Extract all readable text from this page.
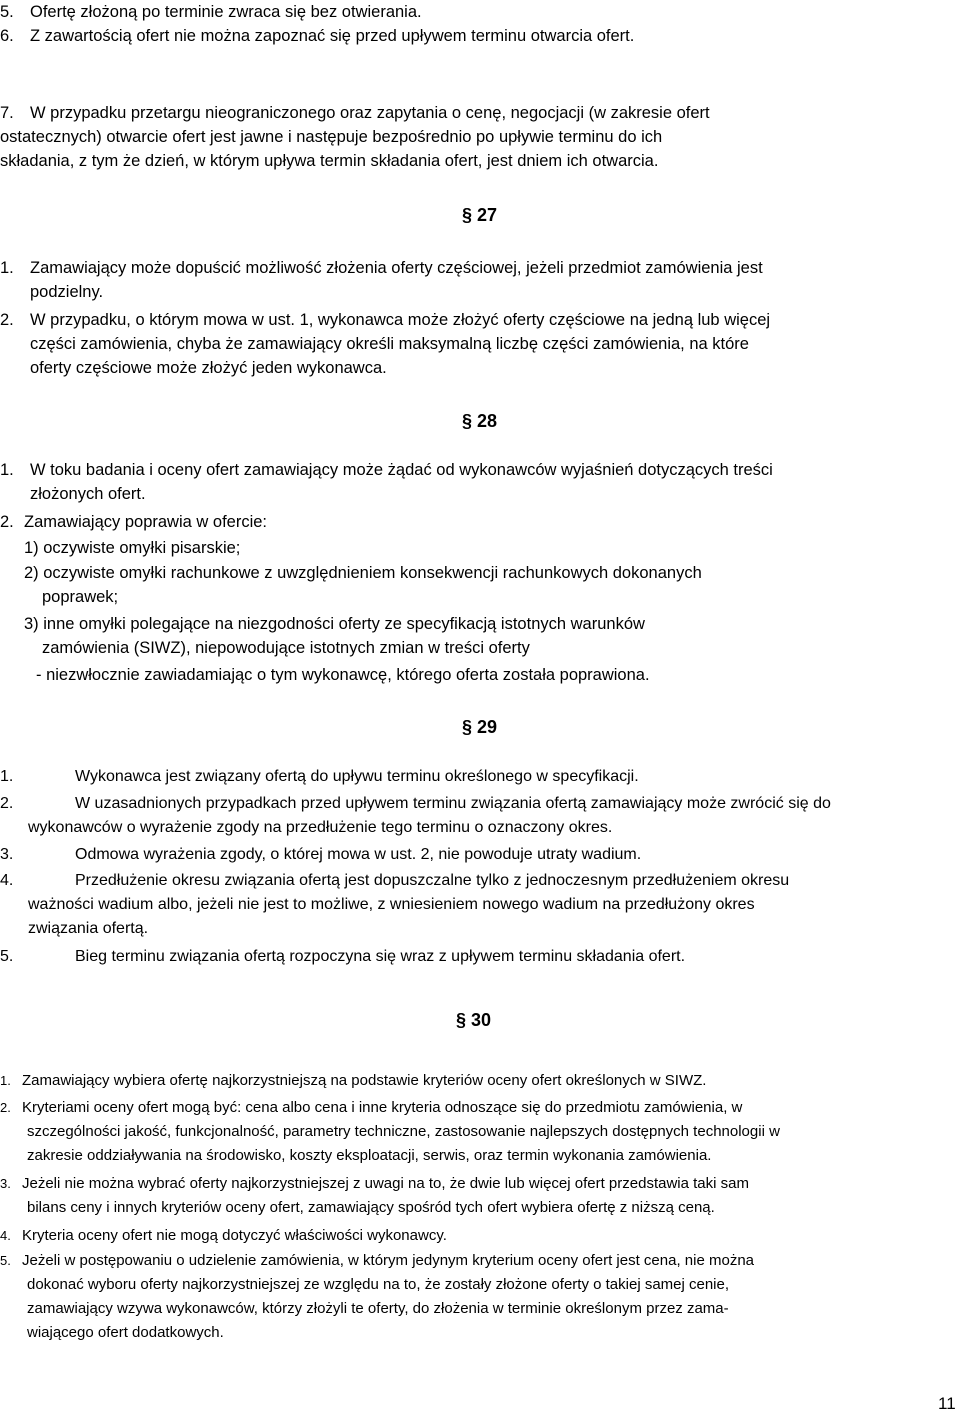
5. Ofertę złożoną po terminie zwraca się bez otwierania.
6. Z zawartością ofert nie można zapoznać się przed upływem terminu otwarcia ofert.
7. W przypadku przetargu nieograniczonego oraz zapytania o cenę, negocjacji (w zakresie ofert
ostatecznych) otwarcie ofert jest jawne i następuje bezpośrednio po upływie terminu do ich
składania, z tym że dzień, w którym upływa termin składania ofert, jest dniem ich otwarcia.
§ 27
1. Zamawiający może dopuścić możliwość złożenia oferty częściowej, jeżeli przedmiot zamówienia jest
podzielny.
2. W przypadku, o którym mowa w ust. 1, wykonawca może złożyć oferty częściowe na jedną lub więcej
części zamówienia, chyba że zamawiający określi maksymalną liczbę części zamówienia, na które
oferty częściowe może złożyć jeden wykonawca.
§ 28
1. W toku badania i oceny ofert zamawiający może żądać od wykonawców wyjaśnień dotyczących treści
złożonych ofert.
2. Zamawiający poprawia w ofercie:
1) oczywiste omyłki pisarskie;
2) oczywiste omyłki rachunkowe z uwzględnieniem konsekwencji rachunkowych dokonanych
poprawek;
3) inne omyłki polegające na niezgodności oferty ze specyfikacją istotnych warunków
zamówienia (SIWZ), niepowodujące istotnych zmian w treści oferty
- niezwłocznie zawiadamiając o tym wykonawcę, którego oferta została poprawiona.
§ 29
1.	Wykonawca jest związany ofertą do upływu terminu określonego w specyfikacji.
2.	W uzasadnionych przypadkach przed upływem terminu związania ofertą zamawiający może zwrócić się do
wykonawców o wyrażenie zgody na przedłużenie tego terminu o oznaczony okres.
3.	Odmowa wyrażenia zgody, o której mowa w ust. 2, nie powoduje utraty wadium.
4.	Przedłużenie okresu związania ofertą jest dopuszczalne tylko z jednoczesnym przedłużeniem okresu
ważności wadium albo, jeżeli nie jest to możliwe, z wniesieniem nowego wadium na przedłużony okres
związania ofertą.
5.	Bieg terminu związania ofertą rozpoczyna się wraz z upływem terminu składania ofert.
§ 30
1. Zamawiający wybiera ofertę najkorzystniejszą na podstawie kryteriów oceny ofert określonych w SIWZ.
2. Kryteriami oceny ofert mogą być: cena albo cena i inne kryteria odnoszące się do przedmiotu zamówienia, w
szczególności jakość, funkcjonalność, parametry techniczne, zastosowanie najlepszych dostępnych technologii w
zakresie oddziaływania na środowisko, koszty eksploatacji, serwis, oraz termin wykonania zamówienia.
3. Jeżeli nie można wybrać oferty najkorzystniejszej z uwagi na to, że dwie lub więcej ofert przedstawia taki sam
bilans ceny i innych kryteriów oceny ofert, zamawiający spośród tych ofert wybiera ofertę z niższą ceną.
4. Kryteria oceny ofert nie mogą dotyczyć właściwości wykonawcy.
5. Jeżeli w postępowaniu o udzielenie zamówienia, w którym jedynym kryterium oceny ofert jest cena, nie można
dokonać wyboru oferty najkorzystniejszej ze względu na to, że zostały złożone oferty o takiej samej cenie,
zamawiający wzywa wykonawców, którzy złożyli te oferty, do złożenia w terminie określonym przez zama-
wiającego ofert dodatkowych.
11
